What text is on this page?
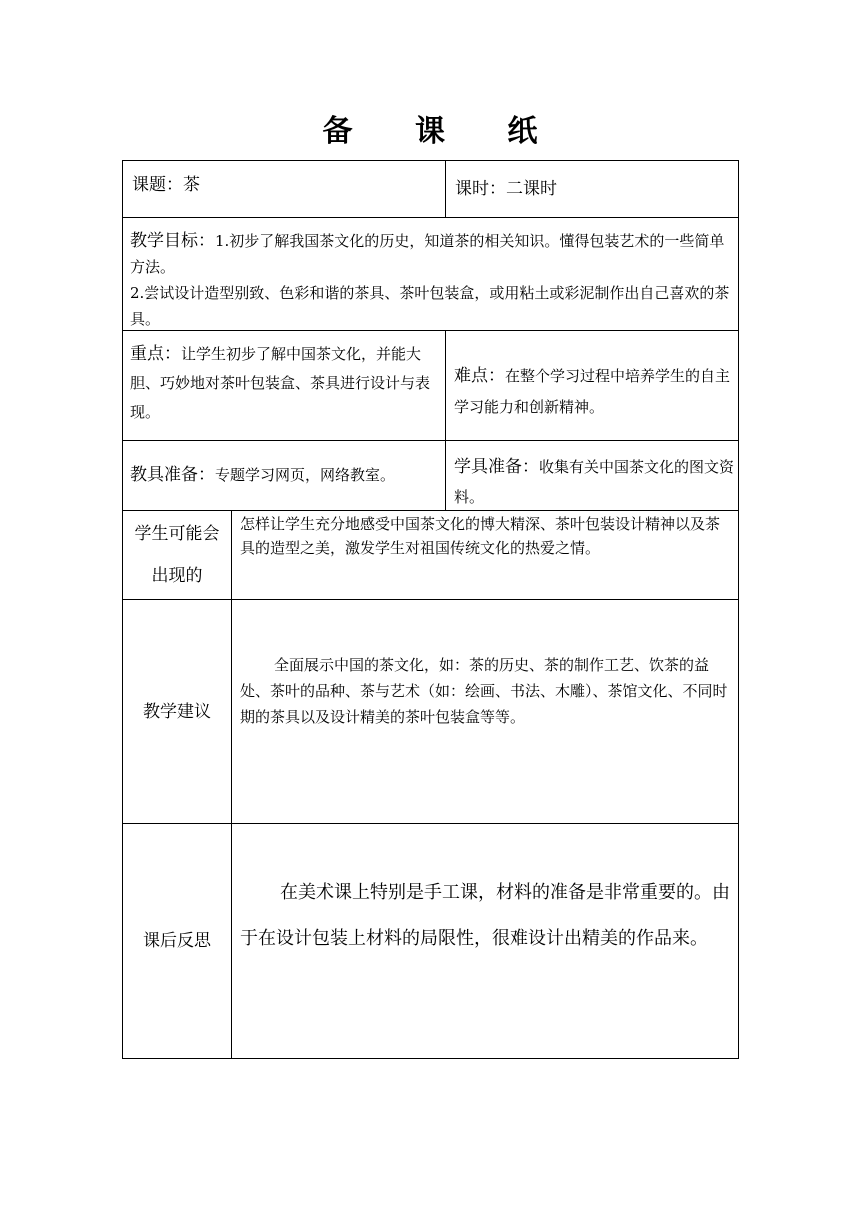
备 课 纸
课题：茶	课时：二课时
教学目标：1.初步了解我国茶文化的历史，知道茶的相关知识。懂得包装艺术的一些简单方法。
2.尝试设计造型别致、色彩和谐的茶具、茶叶包装盒，或用粘土或彩泥制作出自己喜欢的茶具。
重点：让学生初步了解中国茶文化，并能大胆、巧妙地对茶叶包装盒、茶具进行设计与表现。
难点：在整个学习过程中培养学生的自主学习能力和创新精神。
教具准备：专题学习网页，网络教室。	学具准备：收集有关中国茶文化的图文资料。
学生可能会出现的
怎样让学生充分地感受中国茶文化的博大精深、茶叶包装设计精神以及茶具的造型之美，激发学生对祖国传统文化的热爱之情。
教学建议
全面展示中国的茶文化，如：茶的历史、茶的制作工艺、饮茶的益处、茶叶的品种、茶与艺术（如：绘画、书法、木雕）、茶馆文化、不同时期的茶具以及设计精美的茶叶包装盒等等。
课后反思
在美术课上特别是手工课，材料的准备是非常重要的。由于在设计包装上材料的局限性，很难设计出精美的作品来。
